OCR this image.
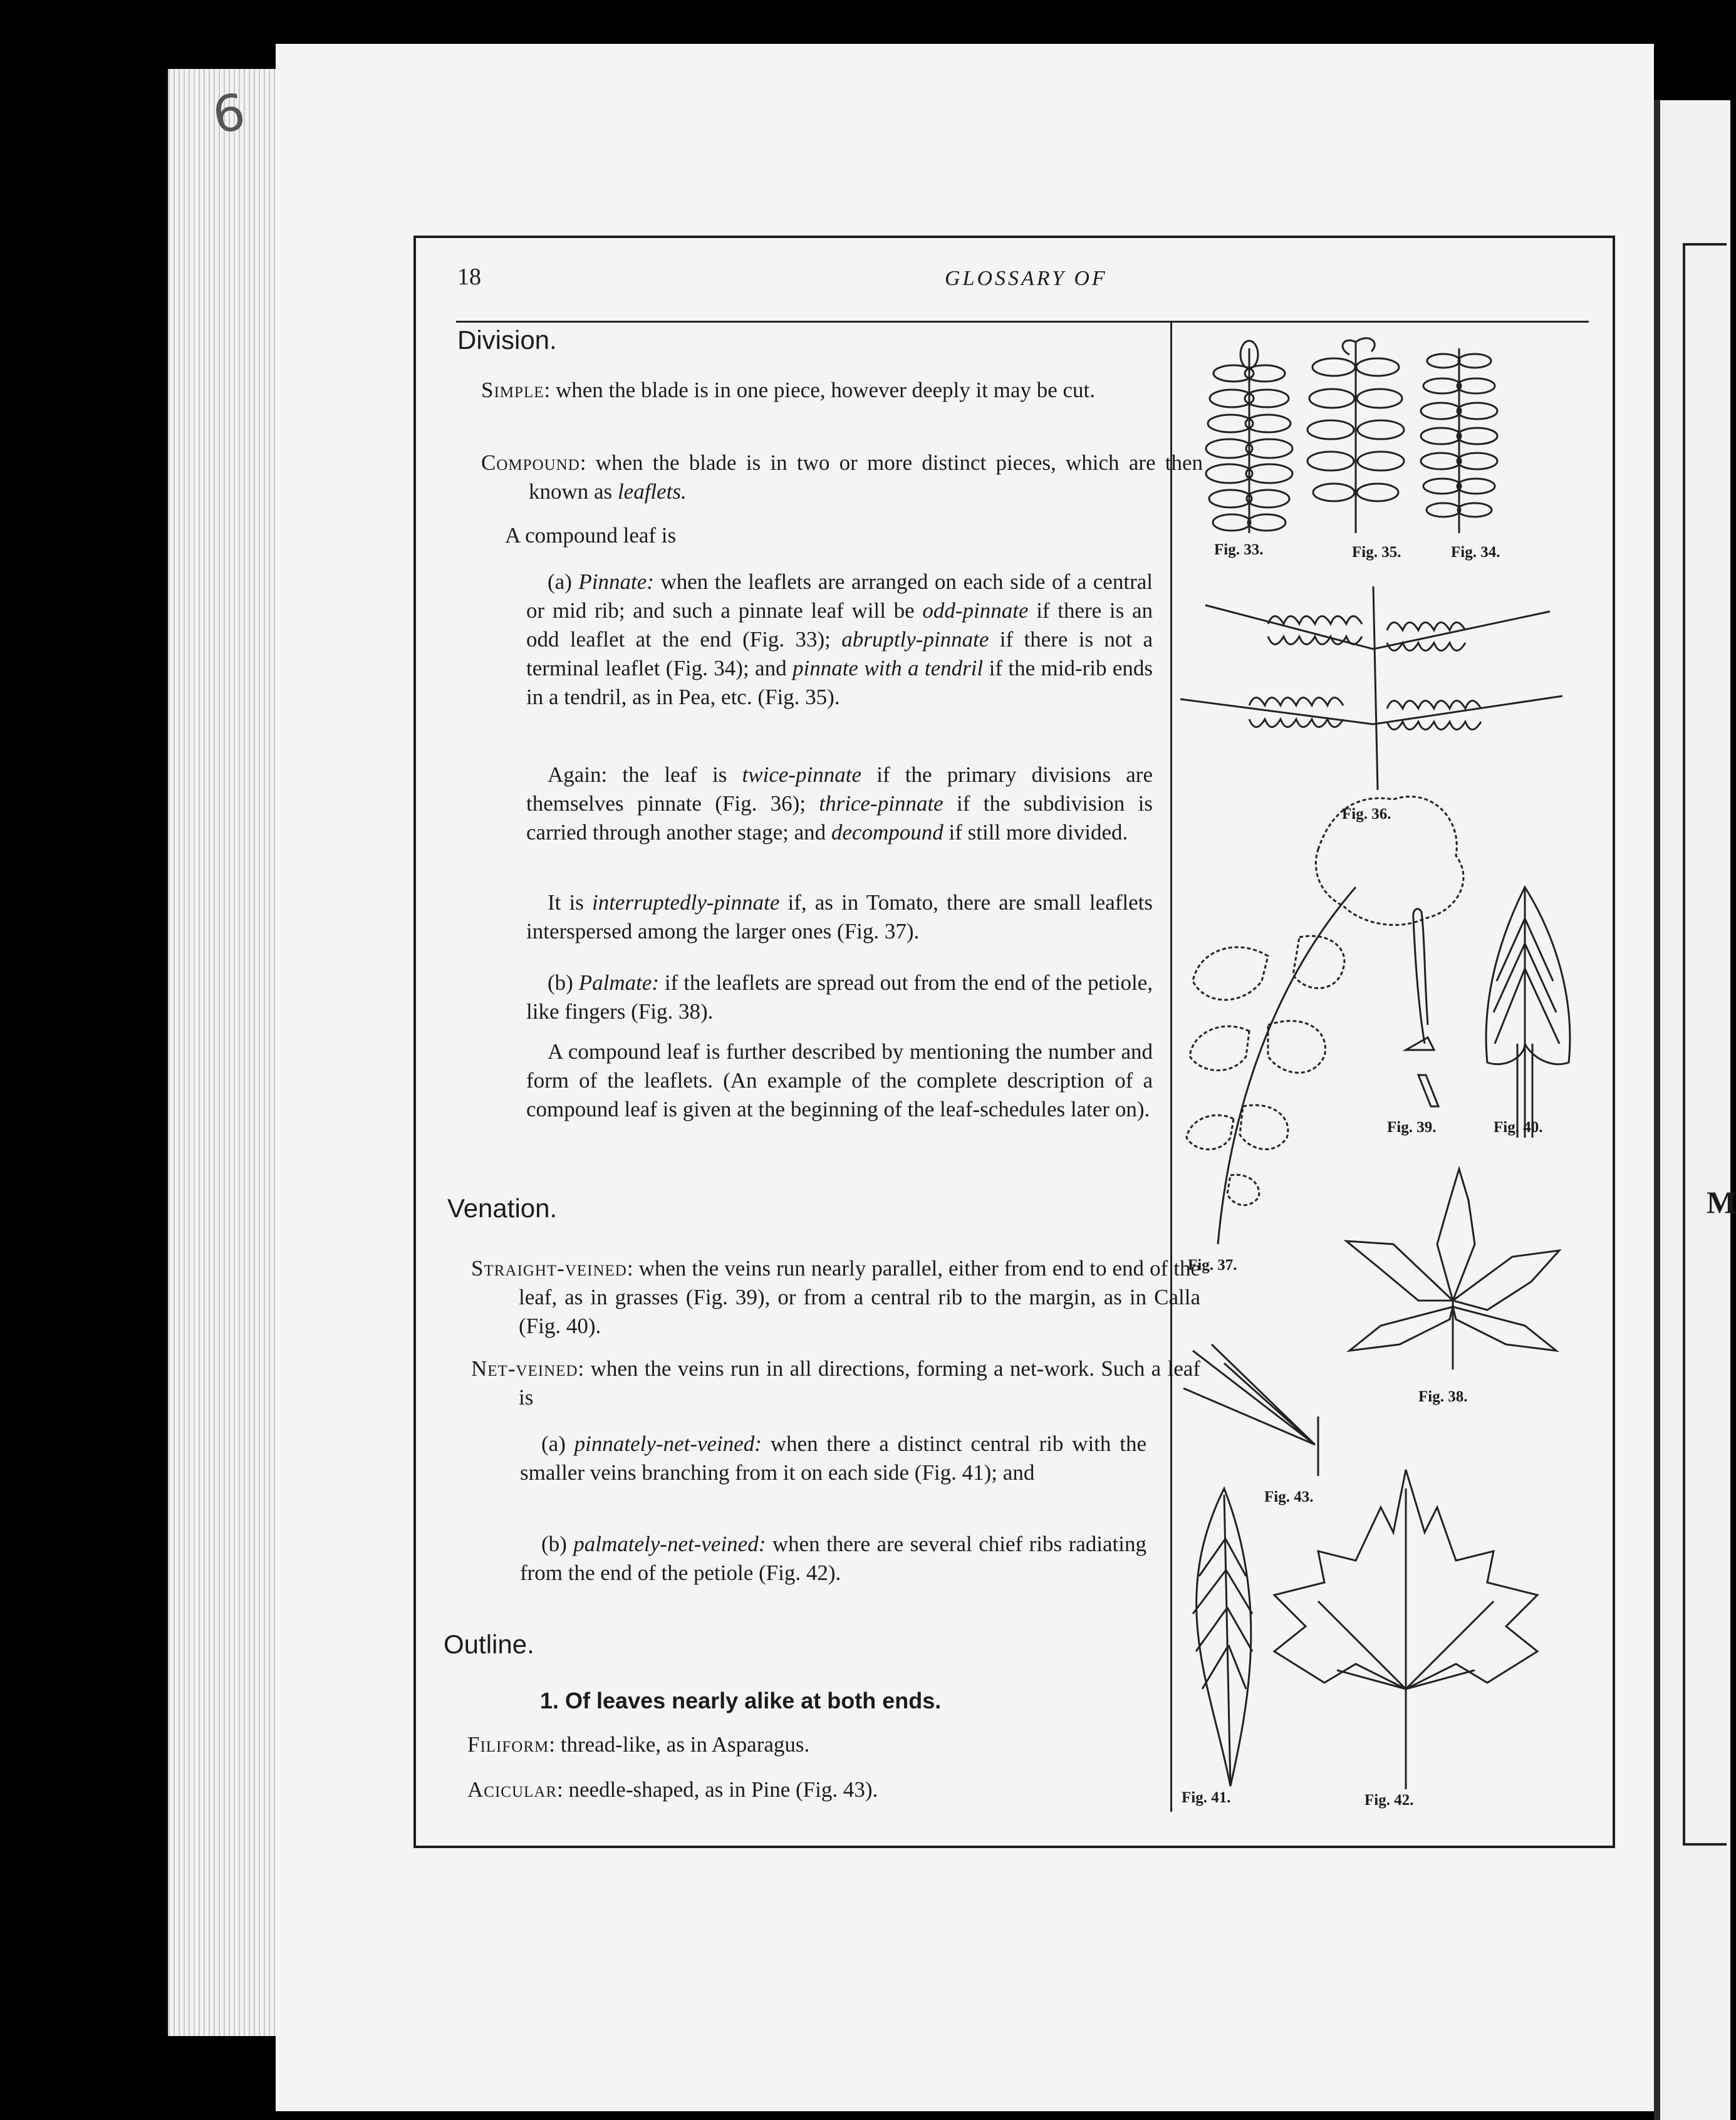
M
6
18	GLOSSARY OF
Division.
Simple: when the blade is in one piece, however deeply it may be cut.
Compound: when the blade is in two or more distinct pieces, which are then known as leaflets.
A compound leaf is
(a) Pinnate: when the leaflets are arranged on each side of a central or mid rib; and such a pinnate leaf will be odd-pinnate if there is an odd leaflet at the end (Fig. 33); abruptly-pinnate if there is not a terminal leaflet (Fig. 34); and pinnate with a tendril if the mid-rib ends in a tendril, as in Pea, etc. (Fig. 35).
Again: the leaf is twice-pinnate if the primary divisions are themselves pinnate (Fig. 36); thrice-pinnate if the subdivision is carried through another stage; and decompound if still more divided.
It is interruptedly-pinnate if, as in Tomato, there are small leaflets interspersed among the larger ones (Fig. 37).
(b) Palmate: if the leaflets are spread out from the end of the petiole, like fingers (Fig. 38).
A compound leaf is further described by mentioning the number and form of the leaflets. (An example of the complete description of a compound leaf is given at the beginning of the leaf-schedules later on).
Venation.
Straight-veined: when the veins run nearly parallel, either from end to end of the leaf, as in grasses (Fig. 39), or from a central rib to the margin, as in Calla (Fig. 40).
Net-veined: when the veins run in all directions, forming a net-work. Such a leaf is
(a) pinnately-net-veined: when there a distinct central rib with the smaller veins branching from it on each side (Fig. 41); and
(b) palmately-net-veined: when there are several chief ribs radiating from the end of the petiole (Fig. 42).
Outline.
1. Of leaves nearly alike at both ends.
Filiform: thread-like, as in Asparagus.
Acicular: needle-shaped, as in Pine (Fig. 43).
Fig. 33.	Fig. 35.	Fig. 34.
Fig. 36.
Fig. 39.	Fig. 40.
Fig. 37.
Fig. 38.
Fig. 43.
Fig. 41.	Fig. 42.
